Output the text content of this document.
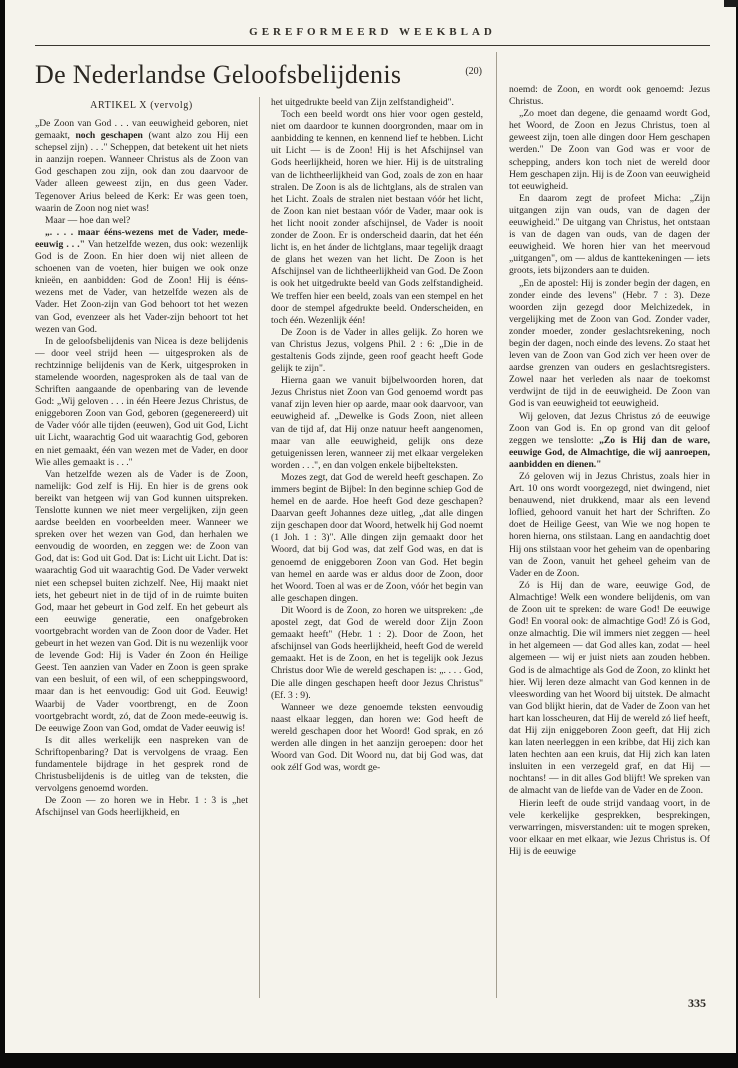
GEREFORMEERD WEEKBLAD
De Nederlandse Geloofsbelijdenis	(20)
ARTIKEL X (vervolg)

„De Zoon van God . . . van eeuwigheid geboren, niet gemaakt, noch geschapen (want alzo zou Hij een schepsel zijn) . . ." Scheppen, dat betekent uit het niets in aanzijn roepen. Wanneer Christus als de Zoon van God geschapen zou zijn, ook dan zou daarvoor de Vader alleen geweest zijn, en dus geen Vader. Tegenover Arius beleed de Kerk: Er was geen toen, waarin de Zoon nog niet was!

Maar — hoe dan wel?

„. . . . maar ééns-wezens met de Vader, mede-eeuwig . . ." Van hetzelfde wezen, dus ook: wezenlijk God is de Zoon. En hier doen wij niet alleen de schoenen van de voeten, hier buigen we ook onze knieën, en aanbidden: God de Zoon! Hij is ééns-wezens met de Vader, van hetzelfde wezen als de Vader. Het Zoon-zijn van God behoort tot het wezen van God, evenzeer als het Vader-zijn behoort tot het wezen van God.

In de geloofsbelijdenis van Nicea is deze belijdenis — door veel strijd heen — uitgesproken als de rechtzinnige belijdenis van de Kerk, uitgesproken in stamelende woorden, nagesproken als de taal van de Schriften aangaande de openbaring van de levende God: „Wij geloven . . . in één Heere Jezus Christus, de eniggeboren Zoon van God, geboren (gegenereerd) uit de Vader vóór alle tijden (eeuwen), God uit God, Licht uit Licht, waarachtig God uit waarachtig God, geboren en niet gemaakt, één van wezen met de Vader, en door Wie alles gemaakt is . . ."

Van hetzelfde wezen als de Vader is de Zoon, namelijk: God zelf is Hij. En hier is de grens ook bereikt van hetgeen wij van God kunnen uitspreken. Tenslotte kunnen we niet meer vergelijken, zijn geen aardse beelden en voorbeelden meer. Wanneer we spreken over het wezen van God, dan herhalen we eenvoudig de woorden, en zeggen we: de Zoon van God, dat is: God uit God. Dat is: Licht uit Licht. Dat is: waarachtig God uit waarachtig God. De Vader verwekt niet een schepsel buiten zichzelf. Nee, Hij maakt niet iets, het gebeurt niet in de tijd of in de ruimte buiten God, maar het gebeurt in God zelf. En het gebeurt als een eeuwige generatie, een onafgebroken voortgebracht worden van de Zoon door de Vader. Het gebeurt in het wezen van God. Dit is nu wezenlijk voor de levende God: Hij is Vader én Zoon én Heilige Geest. Ten aanzien van Vader en Zoon is geen sprake van een besluit, of een wil, of een scheppingswoord, maar dan is het eenvoudig: God uit God. Eeuwig! Waarbij de Vader voortbrengt, en de Zoon voortgebracht wordt, zó, dat de Zoon mede-eeuwig is. De eeuwige Zoon van God, omdat de Vader eeuwig is!

Is dit alles werkelijk een naspreken van de Schriftopenbaring? Dat is vervolgens de vraag. Een fundamentele bijdrage in het gesprek rond de Christusbelijdenis is de uitleg van de teksten, die vervolgens genoemd worden.

De Zoon — zo horen we in Hebr. 1 : 3 is „het Afschijnsel van Gods heerlijkheid, en

het uitgedrukte beeld van Zijn zelfstandigheid".

Toch een beeld wordt ons hier voor ogen gesteld, niet om daardoor te kunnen doorgronden, maar om in aanbidding te kennen, en kennend lief te hebben. Licht uit Licht — is de Zoon! Hij is het Afschijnsel van Gods heerlijkheid, horen we hier. Hij is de uitstraling van de lichtheerlijkheid van God, zoals de zon en haar stralen. De Zoon is als de lichtglans, als de stralen van het Licht. Zoals de stralen niet bestaan vóór het licht, de Zoon kan niet bestaan vóór de Vader, maar ook is het licht nooit zonder afschijnsel, de Vader is nooit zonder de Zoon. Er is onderscheid daarin, dat het één licht is, en het ánder de lichtglans, maar tegelijk draagt de glans het wezen van het licht. De Zoon is het Afschijnsel van de lichtheerlijkheid van God. De Zoon is ook het uitgedrukte beeld van Gods zelfstandigheid. We treffen hier een beeld, zoals van een stempel en het door de stempel afgedrukte beeld. Onderscheiden, en toch één. Wezenlijk één!

De Zoon is de Vader in alles gelijk. Zo horen we van Christus Jezus, volgens Phil. 2 : 6: „Die in de gestaltenis Gods zijnde, geen roof geacht heeft Gode gelijk te zijn".

Hierna gaan we vanuit bijbelwoorden horen, dat Jezus Christus niet Zoon van God genoemd wordt pas vanaf zijn leven hier op aarde, maar ook daarvoor, van eeuwigheid af. „Dewelke is Gods Zoon, niet alleen van de tijd af, dat Hij onze natuur heeft aangenomen, maar van alle eeuwigheid, gelijk ons deze getuigenissen leren, wanneer zij met elkaar vergeleken worden . . .", en dan volgen enkele bijbelteksten.

Mozes zegt, dat God de wereld heeft geschapen. Zo immers begint de Bijbel: In den beginne schiep God de hemel en de aarde. Hoe heeft God deze geschapen? Daarvan geeft Johannes deze uitleg, „dat alle dingen zijn geschapen door dat Woord, hetwelk hij God noemt (1 Joh. 1 : 3)". Alle dingen zijn gemaakt door het Woord, dat bij God was, dat zelf God was, en dat is genoemd de eniggeboren Zoon van God. Het begin van hemel en aarde was er aldus door de Zoon, door het Woord. Toen al was er de Zoon, vóór het begin van alle geschapen dingen.

Dit Woord is de Zoon, zo horen we uitspreken: „de apostel zegt, dat God de wereld door Zijn Zoon gemaakt heeft" (Hebr. 1 : 2). Door de Zoon, het afschijnsel van Gods heerlijkheid, heeft God de wereld gemaakt. Het is de Zoon, en het is tegelijk ook Jezus Christus door Wie de wereld geschapen is: „. . . . God, Die alle dingen geschapen heeft door Jezus Christus" (Ef. 3 : 9).

Wanneer we deze genoemde teksten eenvoudig naast elkaar leggen, dan horen we: God heeft de wereld geschapen door het Woord! God sprak, en zó werden alle dingen in het aanzijn geroepen: door het Woord van God. Dit Woord nu, dat bij God was, dat ook zélf God was, wordt ge-

noemd: de Zoon, en wordt ook genoemd: Jezus Christus.

„Zo moet dan degene, die genaamd wordt God, het Woord, de Zoon en Jezus Christus, toen al geweest zijn, toen alle dingen door Hem geschapen werden." De Zoon van God was er voor de schepping, anders kon toch niet de wereld door Hem geschapen zijn. Hij is de Zoon van eeuwigheid tot eeuwigheid.

En daarom zegt de profeet Micha: „Zijn uitgangen zijn van ouds, van de dagen der eeuwigheid." De uitgang van Christus, het ontstaan is van de dagen van ouds, van de dagen der eeuwigheid. We horen hier van het meervoud „uitgangen", om — aldus de kanttekeningen — iets groots, iets bijzonders aan te duiden.

„En de apostel: Hij is zonder begin der dagen, en zonder einde des levens" (Hebr. 7 : 3). Deze woorden zijn gezegd door Melchizedek, in vergelijking met de Zoon van God. Zonder vader, zonder moeder, zonder geslachtsrekening, noch begin der dagen, noch einde des levens. Zo staat het leven van de Zoon van God zich ver heen over de aardse grenzen van ouders en geslachtsregisters. Zowel naar het verleden als naar de toekomst verdwijnt de tijd in de eeuwigheid. De Zoon van God is van eeuwigheid tot eeuwigheid.

Wij geloven, dat Jezus Christus zó de eeuwige Zoon van God is. En op grond van dit geloof zeggen we tenslotte: „Zo is Hij dan de ware, eeuwige God, de Almachtige, die wij aanroepen, aanbidden en dienen."

Zó geloven wij in Jezus Christus, zoals hier in Art. 10 ons wordt voorgezegd, niet dwingend, niet benauwend, niet drukkend, maar als een levend loflied, gehoord vanuit het hart der Schriften. Zo doet de Heilige Geest, van Wie we nog hopen te horen hierna, ons stilstaan. Lang en aandachtig doet Hij ons stilstaan voor het geheim van de openbaring van de Zoon, vanuit het geheel geheim van de Vader en de Zoon.

Zó is Hij dan de ware, eeuwige God, de Almachtige! Welk een wondere belijdenis, om van de Zoon uit te spreken: de ware God! De eeuwige God! En vooral ook: de almachtige God! Zó is God, onze almachtig. Die wil immers niet zeggen — heel in het algemeen — dat God alles kan, zodat — heel algemeen — wij er juist niets aan zouden hebben. God is de almachtige als God de Zoon, zo klinkt het hier. Wij leren deze almacht van God kennen in de vleeswording van het Woord bij uitstek. De almacht van God blijkt hierin, dat de Vader de Zoon van het hart kan losscheuren, dat Hij de wereld zó lief heeft, dat Hij zijn eniggeboren Zoon geeft, dat Hij zich kan laten neerleggen in een kribbe, dat Hij zich kan laten hechten aan een kruis, dat Hij zich kan laten insluiten in een verzegeld graf, en dat Hij — nochtans! — in dit alles God blijft! We spreken van de almacht van de liefde van de Vader en de Zoon.

Hierin leeft de oude strijd vandaag voort, in de vele kerkelijke gesprekken, besprekingen, verwarringen, misverstanden: uit te mogen spreken, voor elkaar en met elkaar, wie Jezus Christus is. Of Hij is de eeuwige

335
